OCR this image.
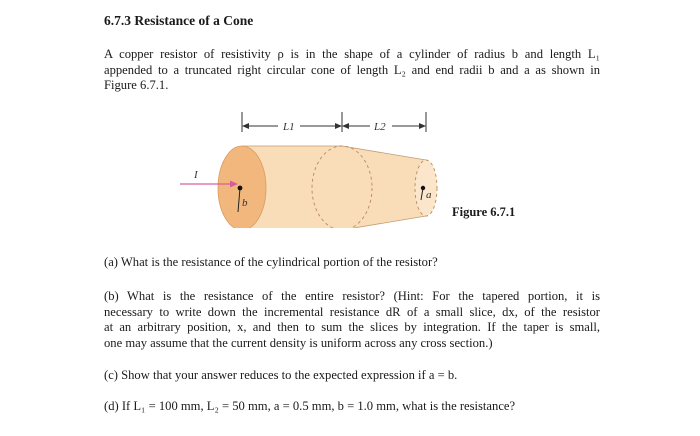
6.7.3 Resistance of a Cone
A copper resistor of resistivity ρ is in the shape of a cylinder of radius b and length L₁
appended to a truncated right circular cone of length L₂ and end radii b and a as shown in
Figure 6.7.1.
L1	L2
b
a
I
Figure 6.7.1
(a) What is the resistance of the cylindrical portion of the resistor?
(b) What is the resistance of the entire resistor? (Hint: For the tapered portion, it is
necessary to write down the incremental resistance dR of a small slice, dx, of the resistor
at an arbitrary position, x, and then to sum the slices by integration. If the taper is small,
one may assume that the current density is uniform across any cross section.)
(c) Show that your answer reduces to the expected expression if a = b.
(d) If L₁ = 100 mm, L₂ = 50 mm, a = 0.5 mm, b = 1.0 mm, what is the resistance?
